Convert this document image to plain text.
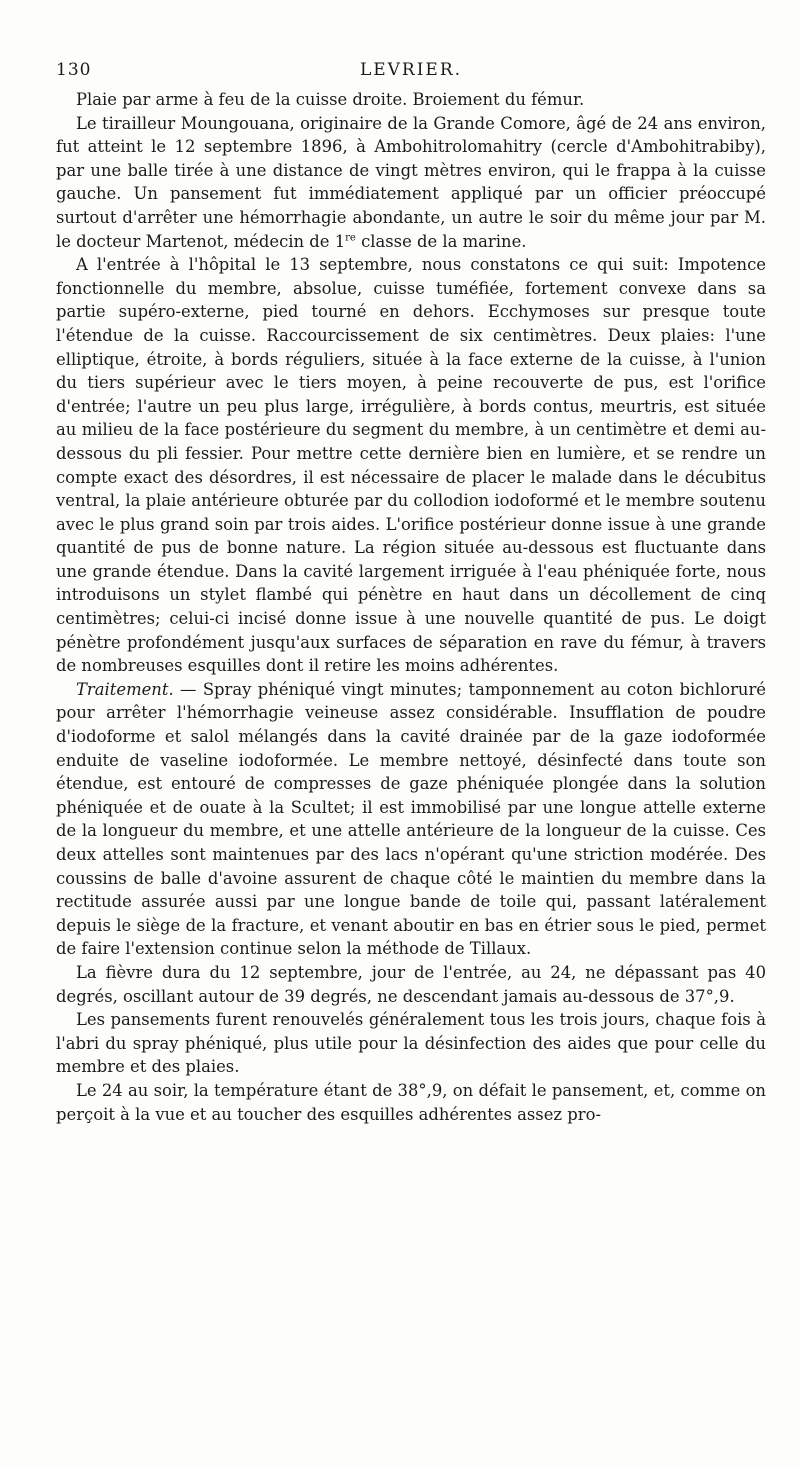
130	LEVRIER.

Plaie par arme à feu de la cuisse droite. Broiement du fémur.

Le tirailleur Moungouana, originaire de la Grande Comore, âgé de 24 ans environ, fut atteint le 12 septembre 1896, à Ambohitrolomahitry (cercle d'Ambohitrabiby), par une balle tirée à une distance de vingt mètres environ, qui le frappa à la cuisse gauche. Un pansement fut immédiatement appliqué par un officier préoccupé surtout d'arrêter une hémorrhagie abondante, un autre le soir du même jour par M. le docteur Martenot, médecin de 1re classe de la marine.

A l'entrée à l'hôpital le 13 septembre, nous constatons ce qui suit: Impotence fonctionnelle du membre, absolue, cuisse tuméfiée, fortement convexe dans sa partie supéro-externe, pied tourné en dehors. Ecchymoses sur presque toute l'étendue de la cuisse. Raccourcissement de six centimètres. Deux plaies: l'une elliptique, étroite, à bords réguliers, située à la face externe de la cuisse, à l'union du tiers supérieur avec le tiers moyen, à peine recouverte de pus, est l'orifice d'entrée; l'autre un peu plus large, irrégulière, à bords contus, meurtris, est située au milieu de la face postérieure du segment du membre, à un centimètre et demi au-dessous du pli fessier. Pour mettre cette dernière bien en lumière, et se rendre un compte exact des désordres, il est nécessaire de placer le malade dans le décubitus ventral, la plaie antérieure obturée par du collodion iodoformé et le membre soutenu avec le plus grand soin par trois aides. L'orifice postérieur donne issue à une grande quantité de pus de bonne nature. La région située au-dessous est fluctuante dans une grande étendue. Dans la cavité largement irriguée à l'eau phéniquée forte, nous introduisons un stylet flambé qui pénètre en haut dans un décollement de cinq centimètres; celui-ci incisé donne issue à une nouvelle quantité de pus. Le doigt pénètre profondément jusqu'aux surfaces de séparation en rave du fémur, à travers de nombreuses esquilles dont il retire les moins adhérentes.

Traitement. — Spray phéniqué vingt minutes; tamponnement au coton bichloruré pour arrêter l'hémorrhagie veineuse assez considérable. Insufflation de poudre d'iodoforme et salol mélangés dans la cavité drainée par de la gaze iodoformée enduite de vaseline iodoformée. Le membre nettoyé, désinfecté dans toute son étendue, est entouré de compresses de gaze phéniquée plongée dans la solution phéniquée et de ouate à la Scultet; il est immobilisé par une longue attelle externe de la longueur du membre, et une attelle antérieure de la longueur de la cuisse. Ces deux attelles sont maintenues par des lacs n'opérant qu'une striction modérée. Des coussins de balle d'avoine assurent de chaque côté le maintien du membre dans la rectitude assurée aussi par une longue bande de toile qui, passant latéralement depuis le siège de la fracture, et venant aboutir en bas en étrier sous le pied, permet de faire l'extension continue selon la méthode de Tillaux.

La fièvre dura du 12 septembre, jour de l'entrée, au 24, ne dépassant pas 40 degrés, oscillant autour de 39 degrés, ne descendant jamais au-dessous de 37°,9.

Les pansements furent renouvelés généralement tous les trois jours, chaque fois à l'abri du spray phéniqué, plus utile pour la désinfection des aides que pour celle du membre et des plaies.

Le 24 au soir, la température étant de 38°,9, on défait le pansement, et, comme on perçoit à la vue et au toucher des esquilles adhérentes assez pro-
